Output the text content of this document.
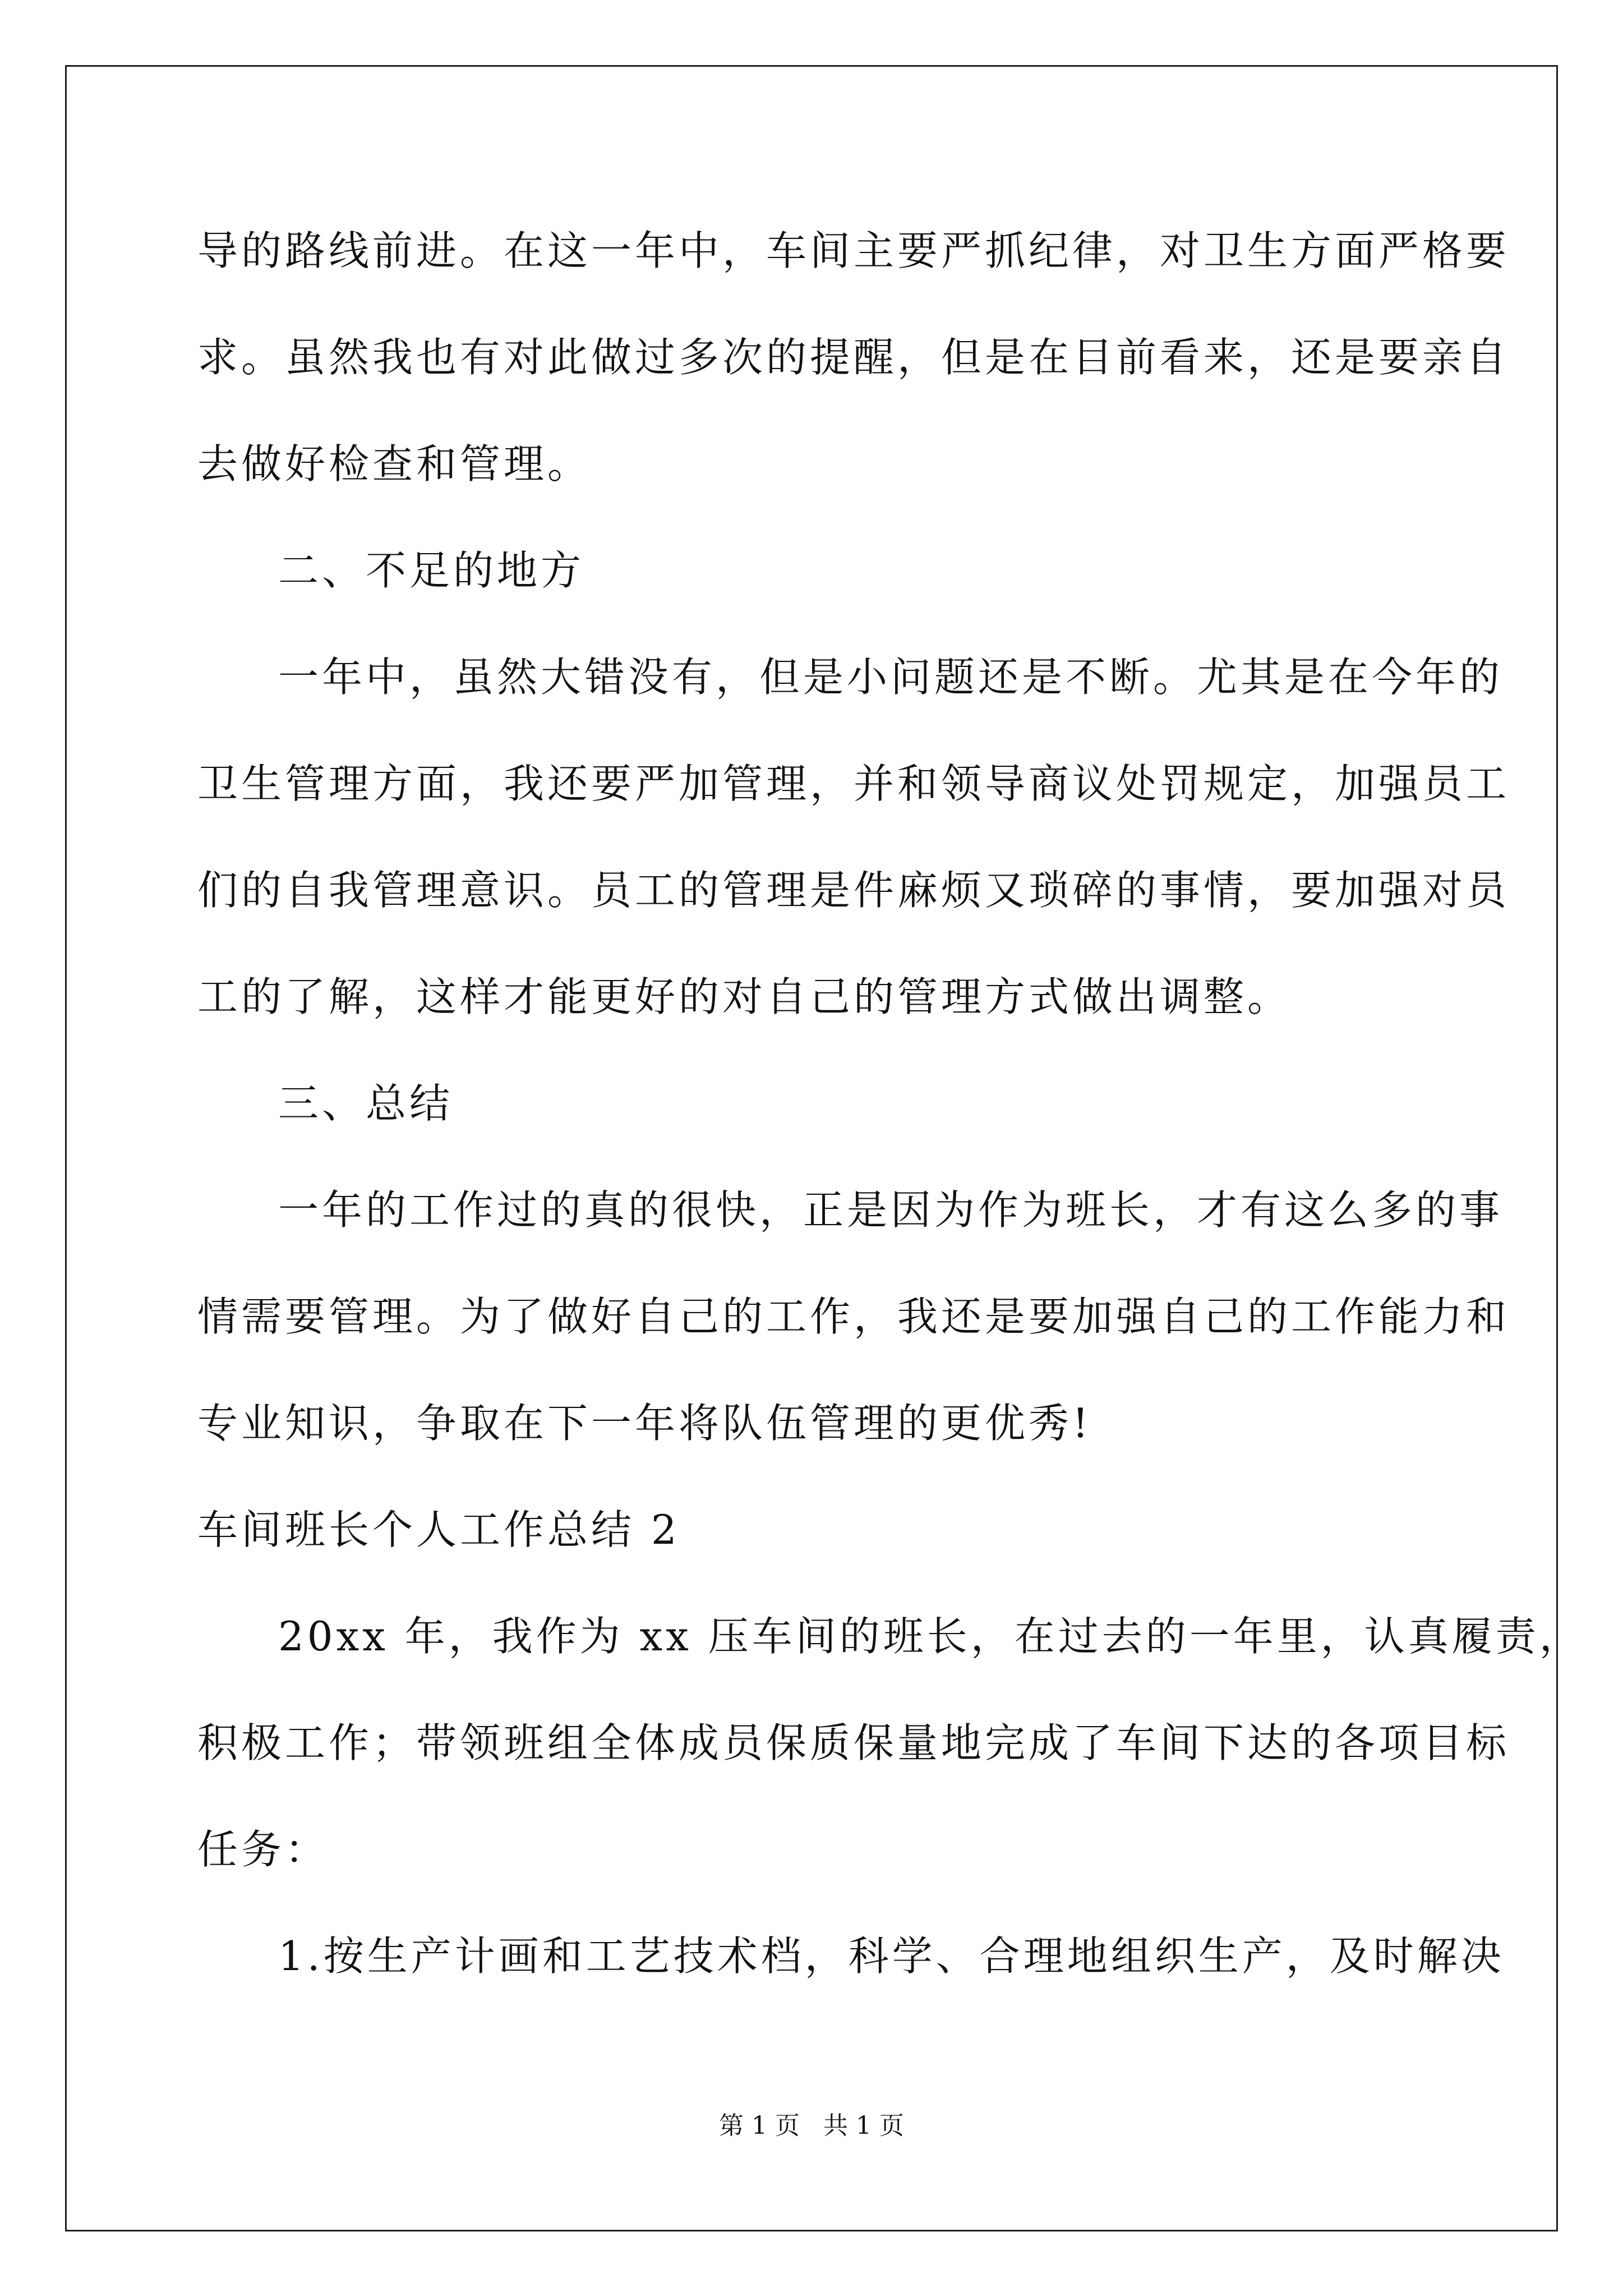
导的路线前进。在这一年中，车间主要严抓纪律，对卫生方面严格要
求。虽然我也有对此做过多次的提醒，但是在目前看来，还是要亲自
去做好检查和管理。
二、不足的地方
一年中，虽然大错没有，但是小问题还是不断。尤其是在今年的
卫生管理方面，我还要严加管理，并和领导商议处罚规定，加强员工
们的自我管理意识。员工的管理是件麻烦又琐碎的事情，要加强对员
工的了解，这样才能更好的对自己的管理方式做出调整。
三、总结
一年的工作过的真的很快，正是因为作为班长，才有这么多的事
情需要管理。为了做好自己的工作，我还是要加强自己的工作能力和
专业知识，争取在下一年将队伍管理的更优秀!
车间班长个人工作总结 2
20xx 年，我作为 xx 压车间的班长，在过去的一年里，认真履责，
积极工作；带领班组全体成员保质保量地完成了车间下达的各项目标
任务：
1.按生产计画和工艺技术档，科学、合理地组织生产，及时解决
第 1 页 共 1 页
